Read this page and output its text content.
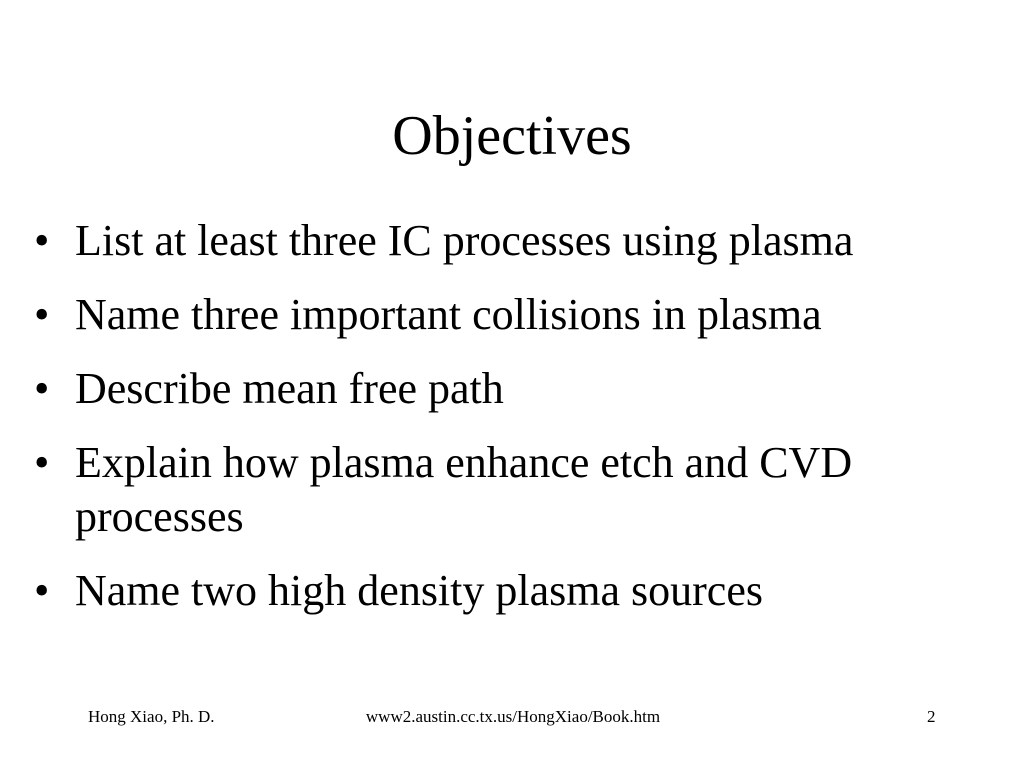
Objectives
• List at least three IC processes using plasma
• Name three important collisions in plasma
• Describe mean free path
• Explain how plasma enhance etch and CVD processes
• Name two high density plasma sources
Hong Xiao, Ph. D.	www2.austin.cc.tx.us/HongXiao/Book.htm	2
